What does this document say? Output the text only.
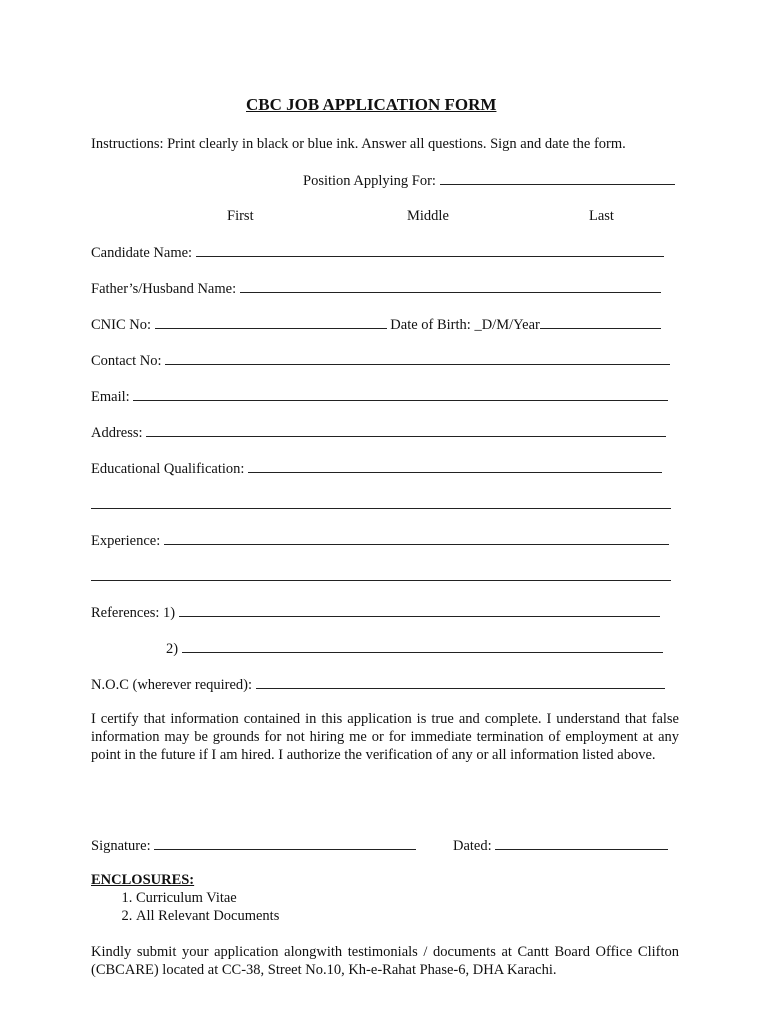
CBC JOB APPLICATION FORM
Instructions: Print clearly in black or blue ink. Answer all questions. Sign and date the form.
Position Applying For:
First	Middle	Last
Candidate Name:
Father’s/Husband Name:
CNIC No:	Date of Birth: _D/M/Year
Contact No:
Email:
Address:
Educational Qualification:
Experience:
References: 1)
2)
N.O.C (wherever required):
I certify that information contained in this application is true and complete. I understand that false information may be grounds for not hiring me or for immediate termination of employment at any point in the future if I am hired. I authorize the verification of any or all information listed above.
Signature:	Dated:
ENCLOSURES:
1. Curriculum Vitae
2. All Relevant Documents
Kindly submit your application alongwith testimonials / documents at Cantt Board Office Clifton (CBCARE) located at CC-38, Street No.10, Kh-e-Rahat Phase-6, DHA Karachi.
